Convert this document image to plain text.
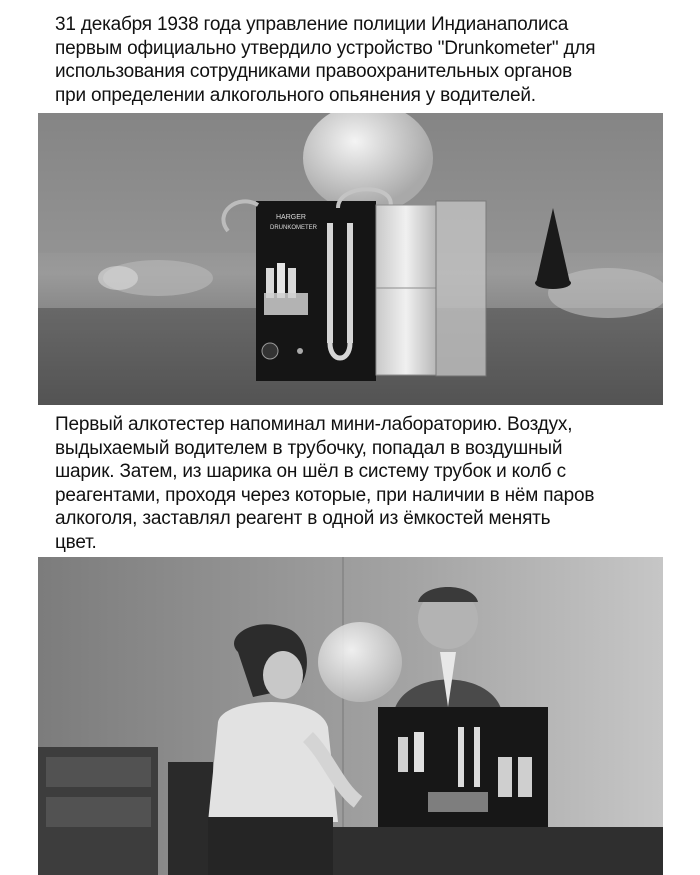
31 декабря 1938 года управление полиции Индианаполиса
первым официально утвердило устройство "Drunkometer" для
использования сотрудниками правоохранительных органов
при определении алкогольного опьянения у водителей.
HARGER
DRUNKOMETER
Первый алкотестер напоминал мини-лабораторию. Воздух,
выдыхаемый водителем в трубочку, попадал в воздушный
шарик. Затем, из шарика он шёл в систему трубок и колб с
реагентами, проходя через которые, при наличии в нём паров
алкоголя, заставлял реагент в одной из ёмкостей менять
цвет.
